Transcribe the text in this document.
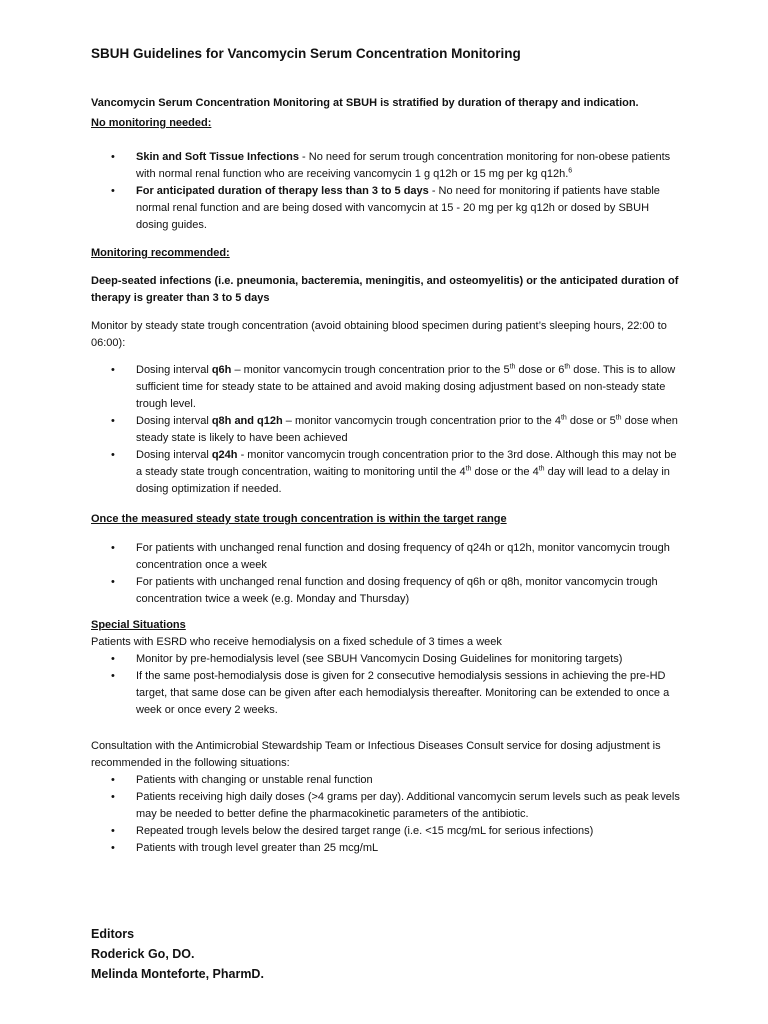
SBUH Guidelines for Vancomycin Serum Concentration Monitoring
Vancomycin Serum Concentration Monitoring at SBUH is stratified by duration of therapy and indication.
No monitoring needed:
• Skin and Soft Tissue Infections - No need for serum trough concentration monitoring for non-obese patients with normal renal function who are receiving vancomycin 1 g q12h or 15 mg per kg q12h.$^6$
• For anticipated duration of therapy less than 3 to 5 days - No need for monitoring if patients have stable normal renal function and are being dosed with vancomycin at 15 - 20 mg per kg q12h or dosed by SBUH dosing guides.
Monitoring recommended:
Deep-seated infections (i.e. pneumonia, bacteremia, meningitis, and osteomyelitis) or the anticipated duration of therapy is greater than 3 to 5 days
Monitor by steady state trough concentration (avoid obtaining blood specimen during patient’s sleeping hours, 22:00 to 06:00):
• Dosing interval q6h – monitor vancomycin trough concentration prior to the 5th dose or 6th dose. This is to allow sufficient time for steady state to be attained and avoid making dosing adjustment based on non-steady state trough level.
• Dosing interval q8h and q12h – monitor vancomycin trough concentration prior to the 4th dose or 5th dose when steady state is likely to have been achieved
• Dosing interval q24h - monitor vancomycin trough concentration prior to the 3rd dose. Although this may not be a steady state trough concentration, waiting to monitoring until the 4th dose or the 4th day will lead to a delay in dosing optimization if needed.
Once the measured steady state trough concentration is within the target range
• For patients with unchanged renal function and dosing frequency of q24h or q12h, monitor vancomycin trough concentration once a week
• For patients with unchanged renal function and dosing frequency of q6h or q8h, monitor vancomycin trough concentration twice a week (e.g. Monday and Thursday)
Special Situations
Patients with ESRD who receive hemodialysis on a fixed schedule of 3 times a week
• Monitor by pre-hemodialysis level (see SBUH Vancomycin Dosing Guidelines for monitoring targets)
• If the same post-hemodialysis dose is given for 2 consecutive hemodialysis sessions in achieving the pre-HD target, that same dose can be given after each hemodialysis thereafter. Monitoring can be extended to once a week or once every 2 weeks.
Consultation with the Antimicrobial Stewardship Team or Infectious Diseases Consult service for dosing adjustment is recommended in the following situations:
• Patients with changing or unstable renal function
• Patients receiving high daily doses (>4 grams per day). Additional vancomycin serum levels such as peak levels may be needed to better define the pharmacokinetic parameters of the antibiotic.
• Repeated trough levels below the desired target range (i.e. <15 mcg/mL for serious infections)
• Patients with trough level greater than 25 mcg/mL
Editors
Roderick Go, DO.
Melinda Monteforte, PharmD.
